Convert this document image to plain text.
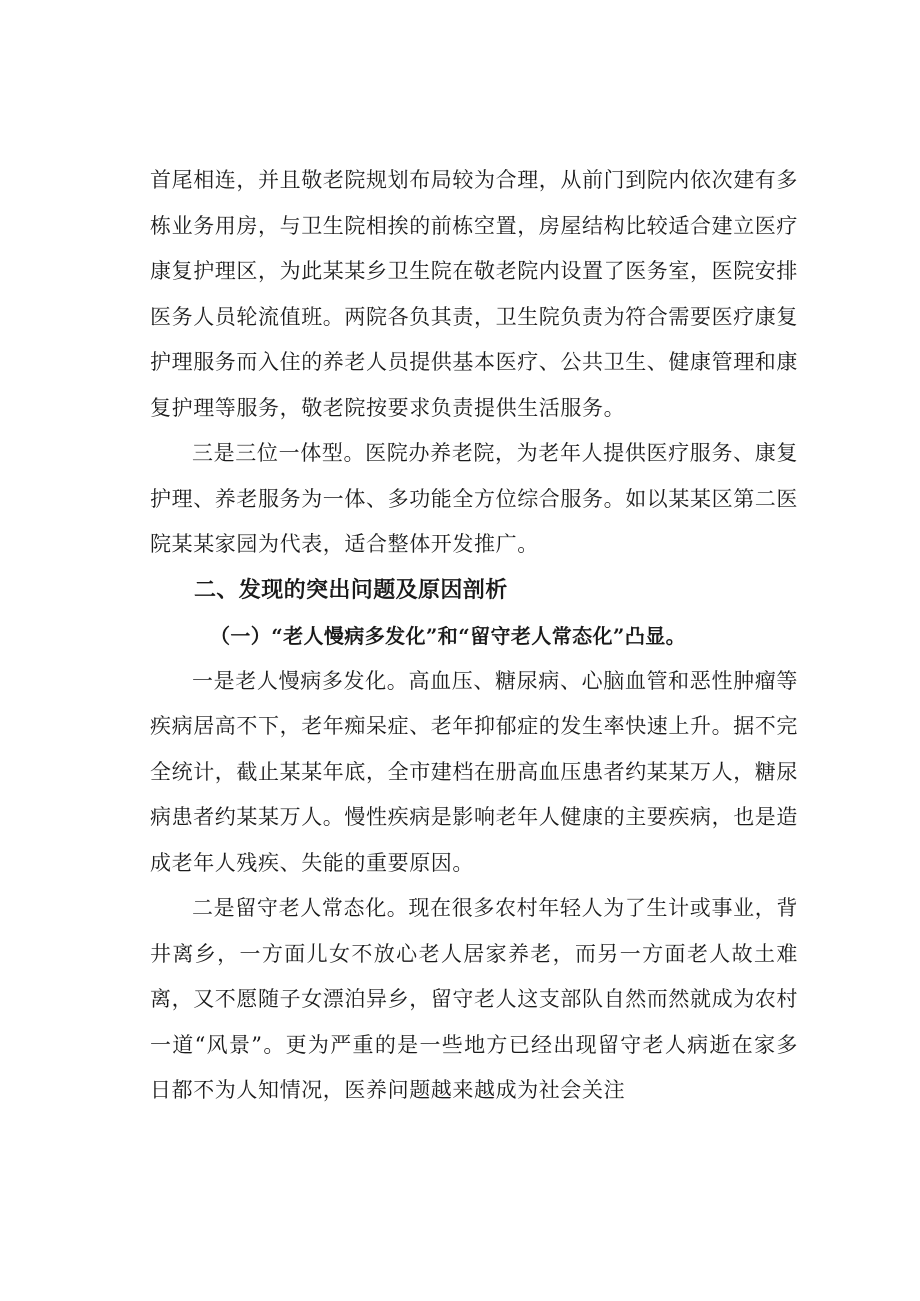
首尾相连，并且敬老院规划布局较为合理，从前门到院内依次建有多栋业务用房，与卫生院相挨的前栋空置，房屋结构比较适合建立医疗康复护理区，为此某某乡卫生院在敬老院内设置了医务室，医院安排医务人员轮流值班。两院各负其责，卫生院负责为符合需要医疗康复护理服务而入住的养老人员提供基本医疗、公共卫生、健康管理和康复护理等服务，敬老院按要求负责提供生活服务。

三是三位一体型。医院办养老院，为老年人提供医疗服务、康复护理、养老服务为一体、多功能全方位综合服务。如以某某区第二医院某某家园为代表，适合整体开发推广。

二、发现的突出问题及原因剖析
（一）“老人慢病多发化”和“留守老人常态化”凸显。

一是老人慢病多发化。高血压、糖尿病、心脑血管和恶性肿瘤等疾病居高不下，老年痴呆症、老年抑郁症的发生率快速上升。据不完全统计，截止某某年底，全市建档在册高血压患者约某某万人，糖尿病患者约某某万人。慢性疾病是影响老年人健康的主要疾病，也是造成老年人残疾、失能的重要原因。

二是留守老人常态化。现在很多农村年轻人为了生计或事业，背井离乡，一方面儿女不放心老人居家养老，而另一方面老人故土难离，又不愿随子女漂泊异乡，留守老人这支部队自然而然就成为农村一道“风景”。更为严重的是一些地方已经出现留守老人病逝在家多日都不为人知情况，医养问题越来越成为社会关注
